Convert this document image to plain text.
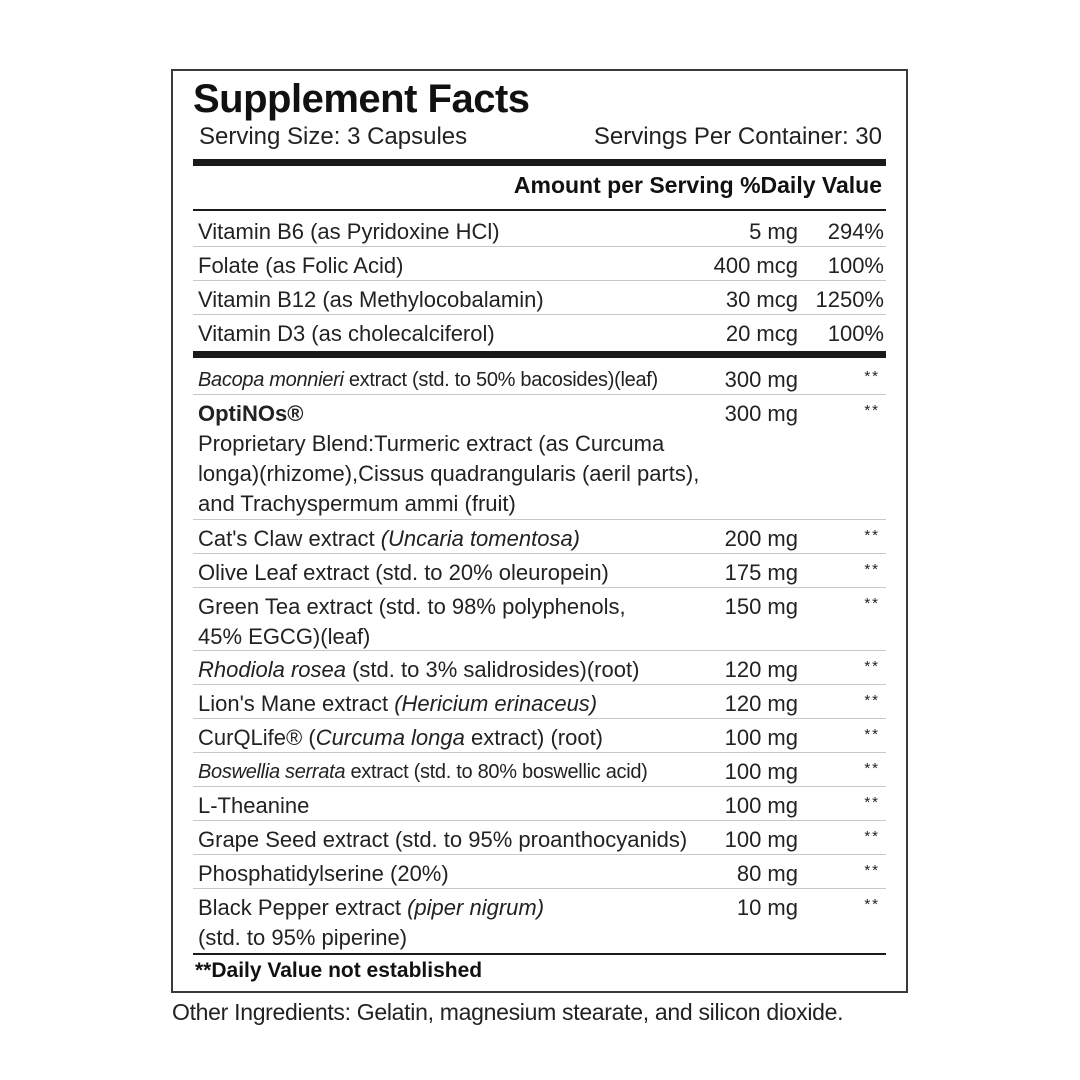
Supplement Facts
Serving Size: 3 Capsules	Servings Per Container: 30
Amount per Serving %Daily Value
Vitamin B6 (as Pyridoxine HCl)	5 mg	294%
Folate (as Folic Acid)	400 mcg	100%
Vitamin B12 (as Methylocobalamin)	30 mcg 1250%
Vitamin D3 (as cholecalciferol)	20 mcg	100%
Bacopa monnieri extract (std. to 50% bacosides)(leaf)	300 mg	**
OptiNOs®
Proprietary Blend:Turmeric extract (as Curcuma
longa)(rhizome),Cissus quadrangularis (aeril parts),
and Trachyspermum ammi (fruit)
300 mg	**
Cat's Claw extract (Uncaria tomentosa)	200 mg	**
Olive Leaf extract (std. to 20% oleuropein)	175 mg	**
Green Tea extract (std. to 98% polyphenols,
45% EGCG)(leaf)
150 mg	**
Rhodiola rosea (std. to 3% salidrosides)(root)	120 mg	**
Lion's Mane extract (Hericium erinaceus)	120 mg	**
CurQLife® (Curcuma longa extract) (root)	100 mg	**
Boswellia serrata extract (std. to 80% boswellic acid)	100 mg	**
L-Theanine	100 mg	**
Grape Seed extract (std. to 95% proanthocyanids)	100 mg	**
Phosphatidylserine (20%)	80 mg	**
Black Pepper extract (piper nigrum)
(std. to 95% piperine)
10 mg	**
**Daily Value not established
Other Ingredients: Gelatin, magnesium stearate, and silicon dioxide.
